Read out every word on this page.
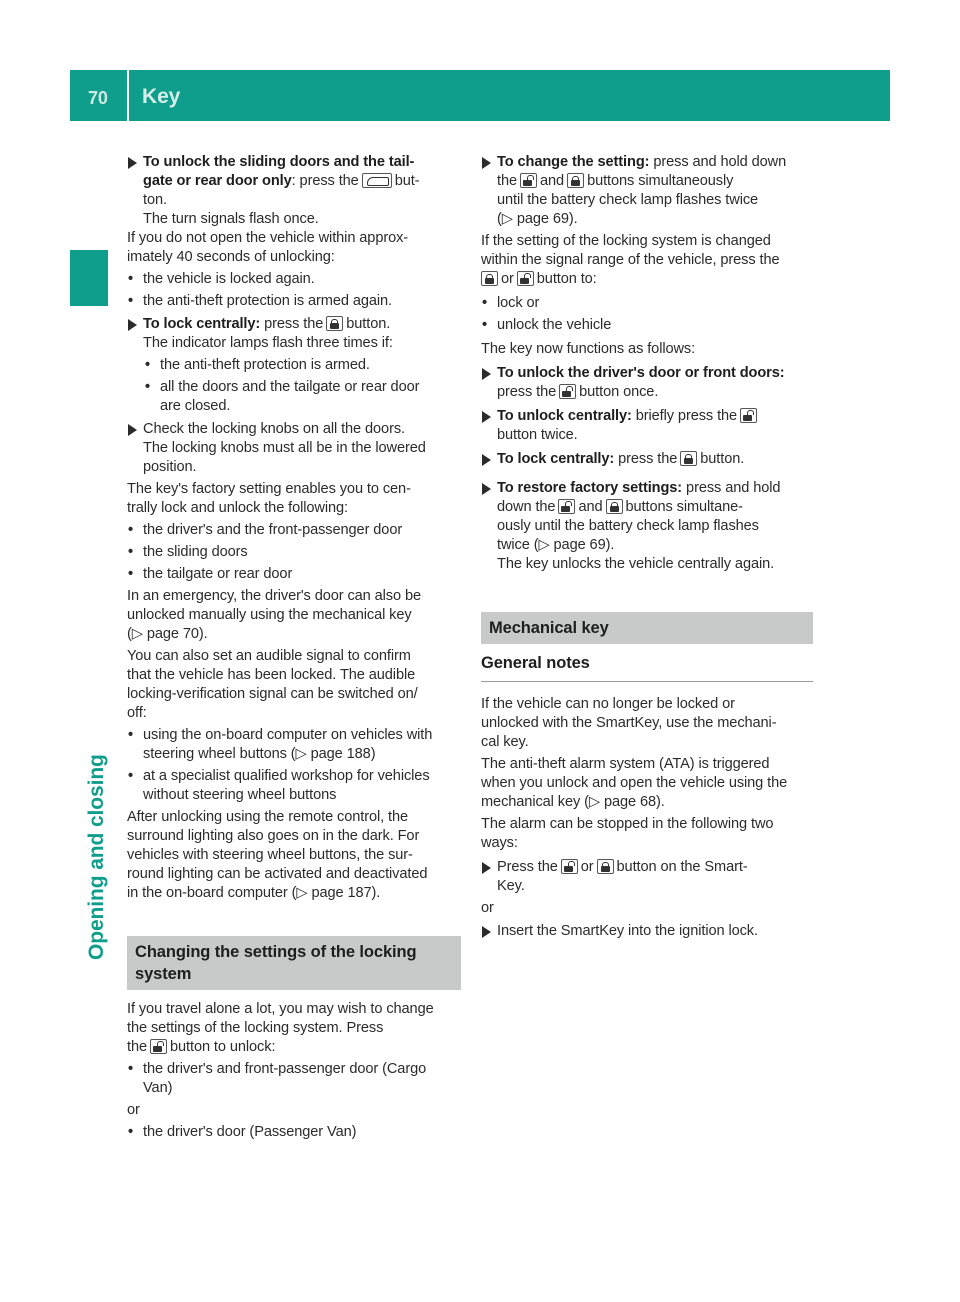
70 Key
Opening and closing
To unlock the sliding doors and the tail-
gate or rear door only: press the but-
ton.
The turn signals flash once.

If you do not open the vehicle within approx-
imately 40 seconds of unlocking:

• the vehicle is locked again.
• the anti-theft protection is armed again.
To lock centrally: press the button.
The indicator lamps flash three times if:
• the anti-theft protection is armed.
• all the doors and the tailgate or rear door
are closed.
Check the locking knobs on all the doors.
The locking knobs must all be in the lowered
position.

The key's factory setting enables you to cen-
trally lock and unlock the following:

• the driver's and the front-passenger door
• the sliding doors
• the tailgate or rear door

In an emergency, the driver's door can also be
unlocked manually using the mechanical key
(▷ page 70).

You can also set an audible signal to confirm
that the vehicle has been locked. The audible
locking-verification signal can be switched on/
off:

• using the on-board computer on vehicles with
steering wheel buttons (▷ page 188)
• at a specialist qualified workshop for vehicles
without steering wheel buttons

After unlocking using the remote control, the
surround lighting also goes on in the dark. For
vehicles with steering wheel buttons, the sur-
round lighting can be activated and deactivated
in the on-board computer (▷ page 187).

Changing the settings of the locking
system

If you travel alone a lot, you may wish to change
the settings of the locking system. Press
the button to unlock:

• the driver's and front-passenger door (Cargo
Van)

or

• the driver's door (Passenger Van)
To change the setting: press and hold down
the and buttons simultaneously
until the battery check lamp flashes twice
(▷ page 69).

If the setting of the locking system is changed
within the signal range of the vehicle, press the
or button to:

• lock or
• unlock the vehicle

The key now functions as follows:

To unlock the driver's door or front doors:
press the button once.
To unlock centrally: briefly press the
button twice.
To lock centrally: press the button.
To restore factory settings: press and hold
down the and buttons simultane-
ously until the battery check lamp flashes
twice (▷ page 69).
The key unlocks the vehicle centrally again.
Mechanical key
General notes

If the vehicle can no longer be locked or
unlocked with the SmartKey, use the mechani-
cal key.

The anti-theft alarm system (ATA) is triggered
when you unlock and open the vehicle using the
mechanical key (▷ page 68).

The alarm can be stopped in the following two
ways:

Press the or button on the Smart-
Key.

or

Insert the SmartKey into the ignition lock.
